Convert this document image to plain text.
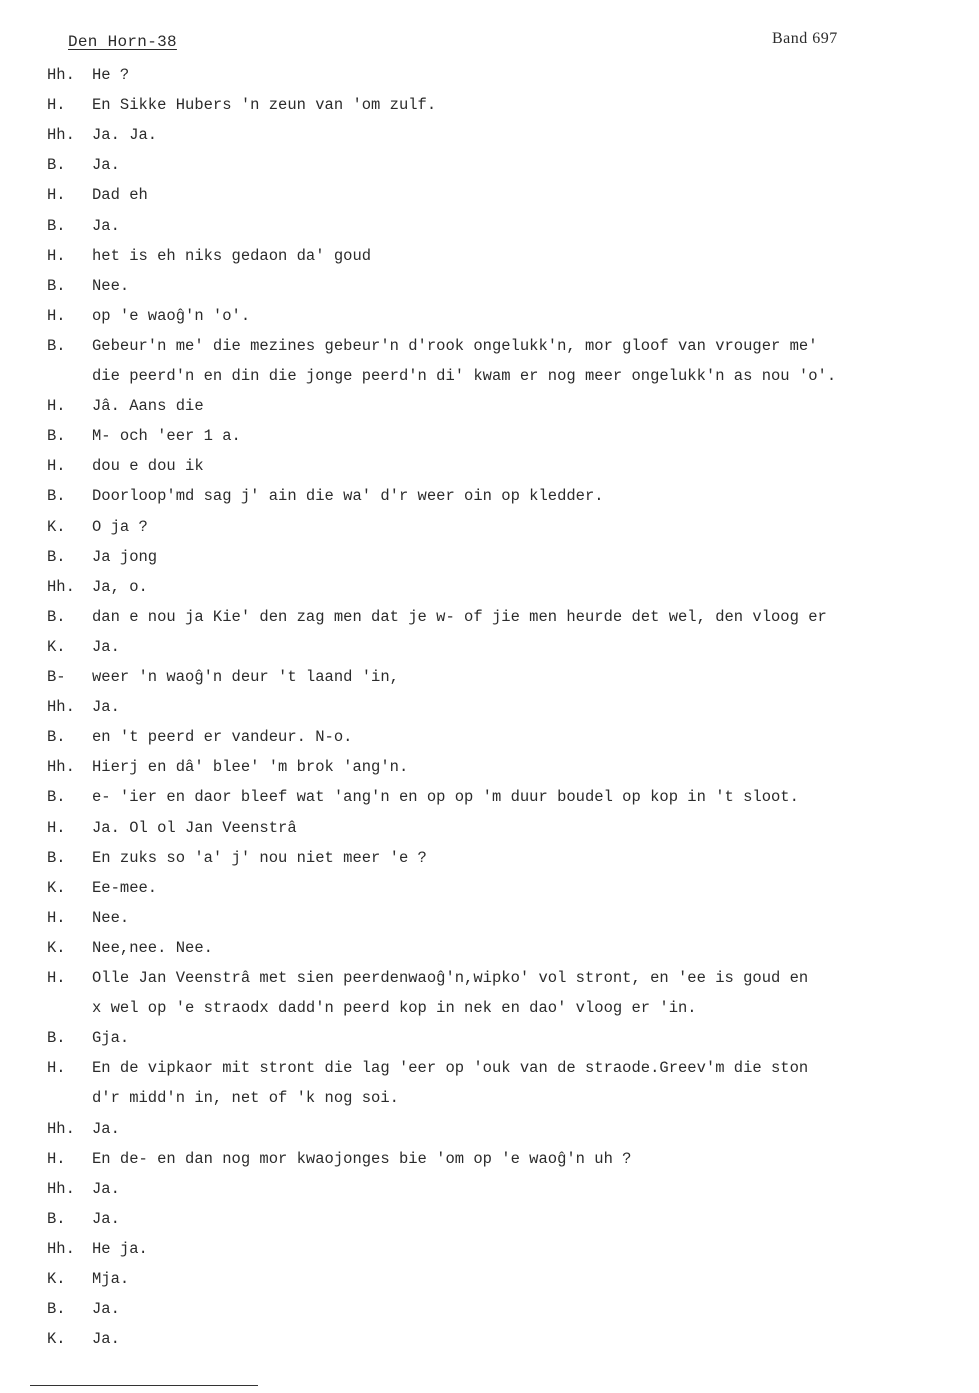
Den Horn-38	Band 697
Hh. He ?
H. En Sikke Hubers 'n zeun van 'om zulf.
Hh. Ja. Ja.
B. Ja.
H. Dad eh
B. Ja.
H. het is eh niks gedaon da' goud
B. Nee.
H. op 'e waoĝ'n 'o'.
B. Gebeur'n me' die mezines gebeur'n d'rook ongelukk'n, mor gloof van vrouger me'
die peerd'n en din die jonge peerd'n di' kwam er nog meer ongelukk'n as nou 'o'.
H. Jâ. Aans die
B. M- och 'eer 1 a.
H. dou e dou ik
B. Doorloop'md sag j' ain die wa' d'r weer oin op kledder.
K. O ja ?
B. Ja jong
Hh. Ja, o.
B. dan e nou ja Kie' den zag men dat je w- of jie men heurde det wel, den vloog er
K. Ja.
B- weer 'n waoĝ'n deur 't laand 'in,
Hh. Ja.
B. en 't peerd er vandeur. N-o.
Hh. Hierj en dâ' blee' 'm brok 'ang'n.
B. e- 'ier en daor bleef wat 'ang'n en op op 'm duur boudel op kop in 't sloot.
H. Ja. Ol ol Jan Veenstrâ
B. En zuks so 'a' j' nou niet meer 'e ?
K. Ee-mee.
H. Nee.
K. Nee,nee. Nee.
H. Olle Jan Veenstrâ met sien peerdenwaoĝ'n,wipko' vol stront, en 'ee is goud en
x wel op 'e straodx dadd'n peerd kop in nek en dao' vloog er 'in.
B. Gja.
H. En de vipkaor mit stront die lag 'eer op 'ouk van de straode.Greev'm die ston
d'r midd'n in, net of 'k nog soi.
Hh. Ja.
H. En de- en dan nog mor kwaojonges bie 'om op 'e waoĝ'n uh ?
Hh. Ja.
B. Ja.
Hh. He ja.
K. Mja.
B. Ja.
K. Ja.
